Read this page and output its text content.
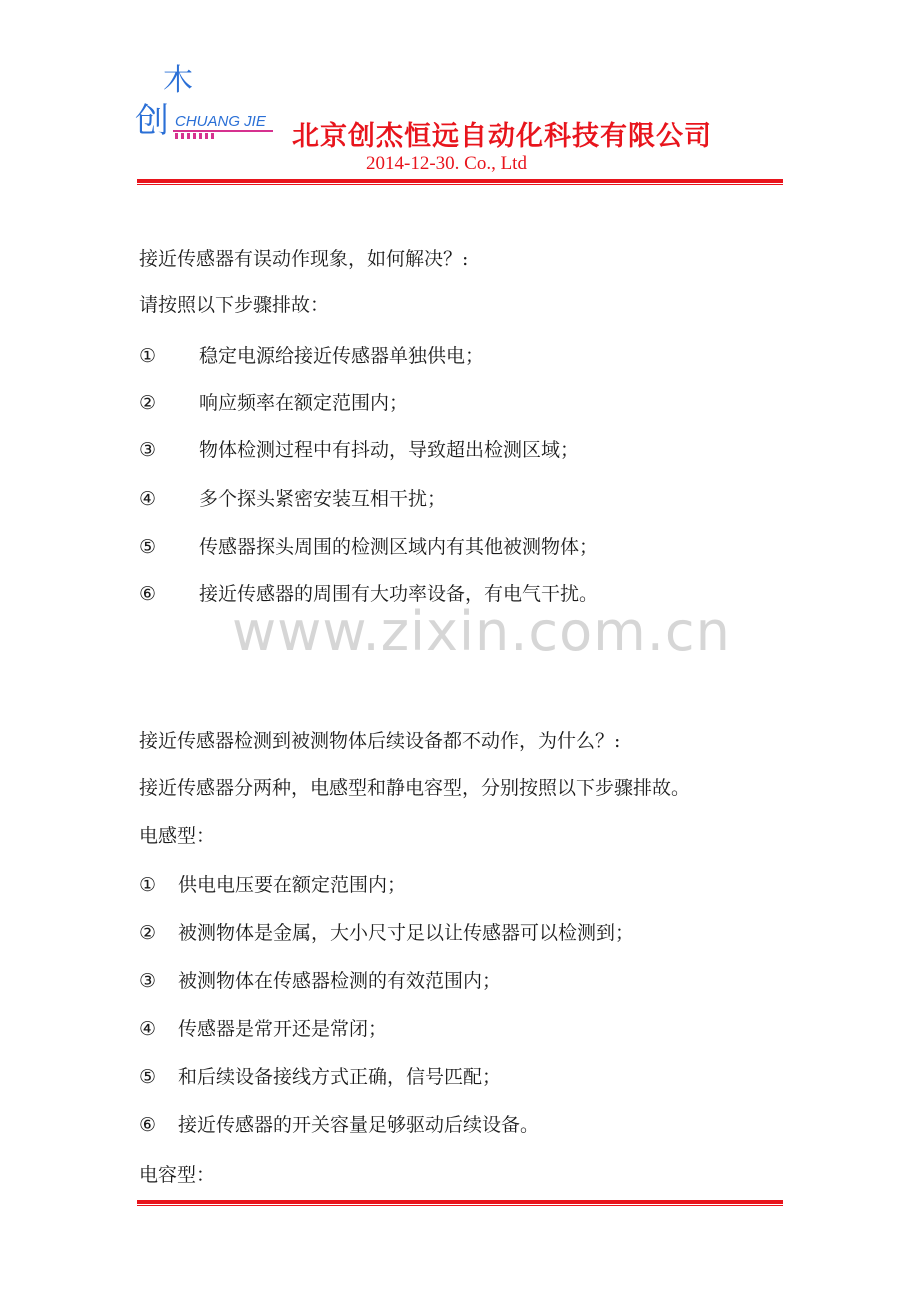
木
创 CHUANG JIE 北京创杰恒远自动化科技有限公司
2014-12-30. Co., Ltd
接近传感器有误动作现象，如何解决？:
请按照以下步骤排故：
① 稳定电源给接近传感器单独供电；
② 响应频率在额定范围内；
③ 物体检测过程中有抖动，导致超出检测区域；
④ 多个探头紧密安装互相干扰；
⑤ 传感器探头周围的检测区域内有其他被测物体；
⑥ 接近传感器的周围有大功率设备，有电气干扰。
www.zixin.com.cn
接近传感器检测到被测物体后续设备都不动作，为什么？:
接近传感器分两种，电感型和静电容型，分别按照以下步骤排故。
电感型：
① 供电电压要在额定范围内；
② 被测物体是金属，大小尺寸足以让传感器可以检测到；
③ 被测物体在传感器检测的有效范围内；
④ 传感器是常开还是常闭；
⑤ 和后续设备接线方式正确，信号匹配；
⑥ 接近传感器的开关容量足够驱动后续设备。
电容型：
